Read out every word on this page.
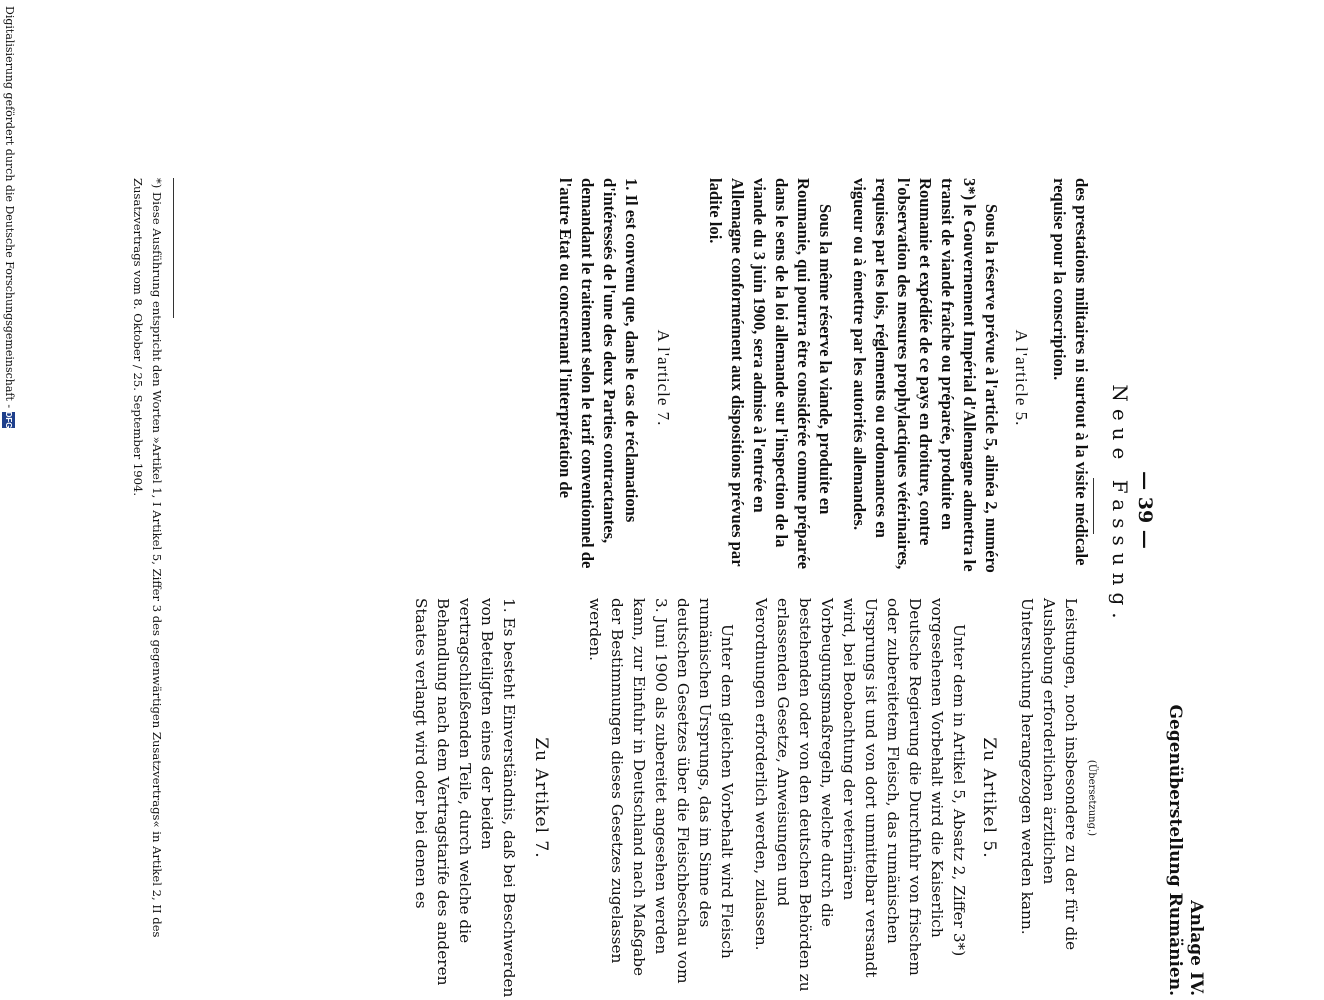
Anlage IV.
Gegenüberstellung Rumänien.
— 39 —
Neue Fassung.
(Übersetzung.)

Leistungen, noch insbesondere zu der für die Aushebung erforderlichen ärztlichen Untersuchung herangezogen werden kann.

Zu Artikel 5.

Unter dem in Artikel 5, Absatz 2, Ziffer 3*) vorgesehenen Vorbehalt wird die Kaiserlich Deutsche Regierung die Durchfuhr von frischem oder zubereitetem Fleisch, das rumänischen Ursprungs ist und von dort unmittelbar versandt wird, bei Beobachtung der veterinären Vorbeugungsmaßregeln, welche durch die bestehenden oder von den deutschen Behörden zu erlassenden Gesetze, Anweisungen und Verordnungen erforderlich werden, zulassen.

Unter dem gleichen Vorbehalt wird Fleisch rumänischen Ursprungs, das im Sinne des deutschen Gesetzes über die Fleischbeschau vom 3. Juni 1900 als zubereitet angesehen werden kann, zur Einfuhr in Deutschland nach Maßgabe der Bestimmungen dieses Gesetzes zugelassen werden.

Zu Artikel 7.

1. Es besteht Einverständnis, daß bei Beschwerden von Beteiligten eines der beiden vertragschließenden Teile, durch welche die Behandlung nach dem Vertragstarife des anderen Staates verlangt wird oder bei denen es

des prestations militaires ni surtout à la visite médicale requise pour la conscription.

A l'article 5.

Sous la réserve prévue à l'article 5, alinéa 2, numéro 3*) le Gouvernement Impérial d'Allemagne admettra le transit de viande fraîche ou préparée, produite en Roumanie et expédiée de ce pays en droiture, contre l'observation des mesures prophylactiques vétérinaires, requises par les lois, réglements ou ordonnances en vigueur ou à émettre par les autorités allemandes.

Sous la même réserve la viande, produite en Roumanie, qui pourra être considérée comme préparée dans le sens de la loi allemande sur l'inspection de la viande du 3 juin 1900, sera admise à l'entrée en Allemagne conformément aux dispositions prévues par ladite loi.

A l'article 7.

1. Il est convenu que, dans le cas de réclamations d'intéressés de l'une des deux Parties contractantes, demandant le traitement selon le tarif conventionnel de l'autre Etat ou concernant l'interprétation de

*) Diese Ausführung entspricht den Worten »Artikel 1, I Artikel 5, Ziffer 3 des gegenwärtigen Zusatzvertrags« in Artikel 2, II des Zusatzvertrags vom 8. Oktober / 25. September 1904.
Digitalisierung gefördert durch die Deutsche Forschungsgemeinschaft - DFG
